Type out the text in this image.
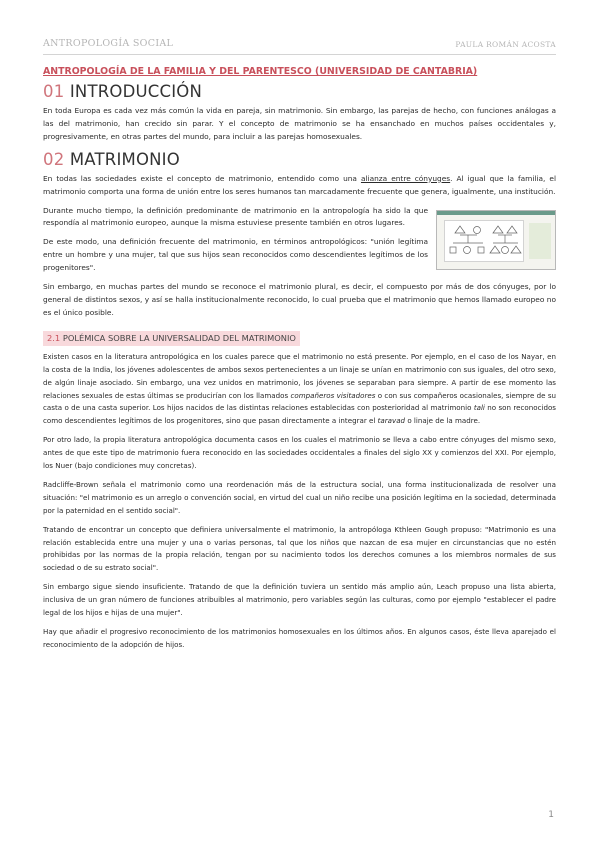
ANTROPOLOGÍA SOCIAL	PAULA ROMÁN ACOSTA
ANTROPOLOGÍA DE LA FAMILIA Y DEL PARENTESCO (UNIVERSIDAD DE CANTABRIA)
01 INTRODUCCIÓN

En toda Europa es cada vez más común la vida en pareja, sin matrimonio. Sin embargo, las parejas de hecho, con funciones análogas a las del matrimonio, han crecido sin parar. Y el concepto de matrimonio se ha ensanchado en muchos países occidentales y, progresivamente, en otras partes del mundo, para incluir a las parejas homosexuales.

02 MATRIMONIO

En todas las sociedades existe el concepto de matrimonio, entendido como una alianza entre cónyuges. Al igual que la familia, el matrimonio comporta una forma de unión entre los seres humanos tan marcadamente frecuente que genera, igualmente, una institución.

Durante mucho tiempo, la definición predominante de matrimonio en la antropología ha sido la que respondía al matrimonio europeo, aunque la misma estuviese presente también en otros lugares.

De este modo, una definición frecuente del matrimonio, en términos antropológicos: "unión legítima entre un hombre y una mujer, tal que sus hijos sean reconocidos como descendientes legítimos de los progenitores".

Sin embargo, en muchas partes del mundo se reconoce el matrimonio plural, es decir, el compuesto por más de dos cónyuges, por lo general de distintos sexos, y así se halla institucionalmente reconocido, lo cual prueba que el matrimonio que hemos llamado europeo no es el único posible.

2.1 POLÉMICA SOBRE LA UNIVERSALIDAD DEL MATRIMONIO

Existen casos en la literatura antropológica en los cuales parece que el matrimonio no está presente. Por ejemplo, en el caso de los Nayar, en la costa de la India, los jóvenes adolescentes de ambos sexos pertenecientes a un linaje se unían en matrimonio con sus iguales, del otro sexo, de algún linaje asociado. Sin embargo, una vez unidos en matrimonio, los jóvenes se separaban para siempre. A partir de ese momento las relaciones sexuales de estas últimas se producirían con los llamados compañeros visitadores o con sus compañeros ocasionales, siempre de su casta o de una casta superior. Los hijos nacidos de las distintas relaciones establecidas con posterioridad al matrimonio tali no son reconocidos como descendientes legítimos de los progenitores, sino que pasan directamente a integrar el taravad o linaje de la madre.

Por otro lado, la propia literatura antropológica documenta casos en los cuales el matrimonio se lleva a cabo entre cónyuges del mismo sexo, antes de que este tipo de matrimonio fuera reconocido en las sociedades occidentales a finales del siglo XX y comienzos del XXI. Por ejemplo, los Nuer (bajo condiciones muy concretas).

Radcliffe-Brown señala el matrimonio como una reordenación más de la estructura social, una forma institucionalizada de resolver una situación: "el matrimonio es un arreglo o convención social, en virtud del cual un niño recibe una posición legítima en la sociedad, determinada por la paternidad en el sentido social".

Tratando de encontrar un concepto que definiera universalmente el matrimonio, la antropóloga Kthleen Gough propuso: "Matrimonio es una relación establecida entre una mujer y una o varias personas, tal que los niños que nazcan de esa mujer en circunstancias que no estén prohibidas por las normas de la propia relación, tengan por su nacimiento todos los derechos comunes a los miembros normales de sus sociedad o de su estrato social".

Sin embargo sigue siendo insuficiente. Tratando de que la definición tuviera un sentido más amplio aún, Leach propuso una lista abierta, inclusiva de un gran número de funciones atribuibles al matrimonio, pero variables según las culturas, como por ejemplo "establecer el padre legal de los hijos e hijas de una mujer".

Hay que añadir el progresivo reconocimiento de los matrimonios homosexuales en los últimos años. En algunos casos, éste lleva aparejado el reconocimiento de la adopción de hijos.

1
